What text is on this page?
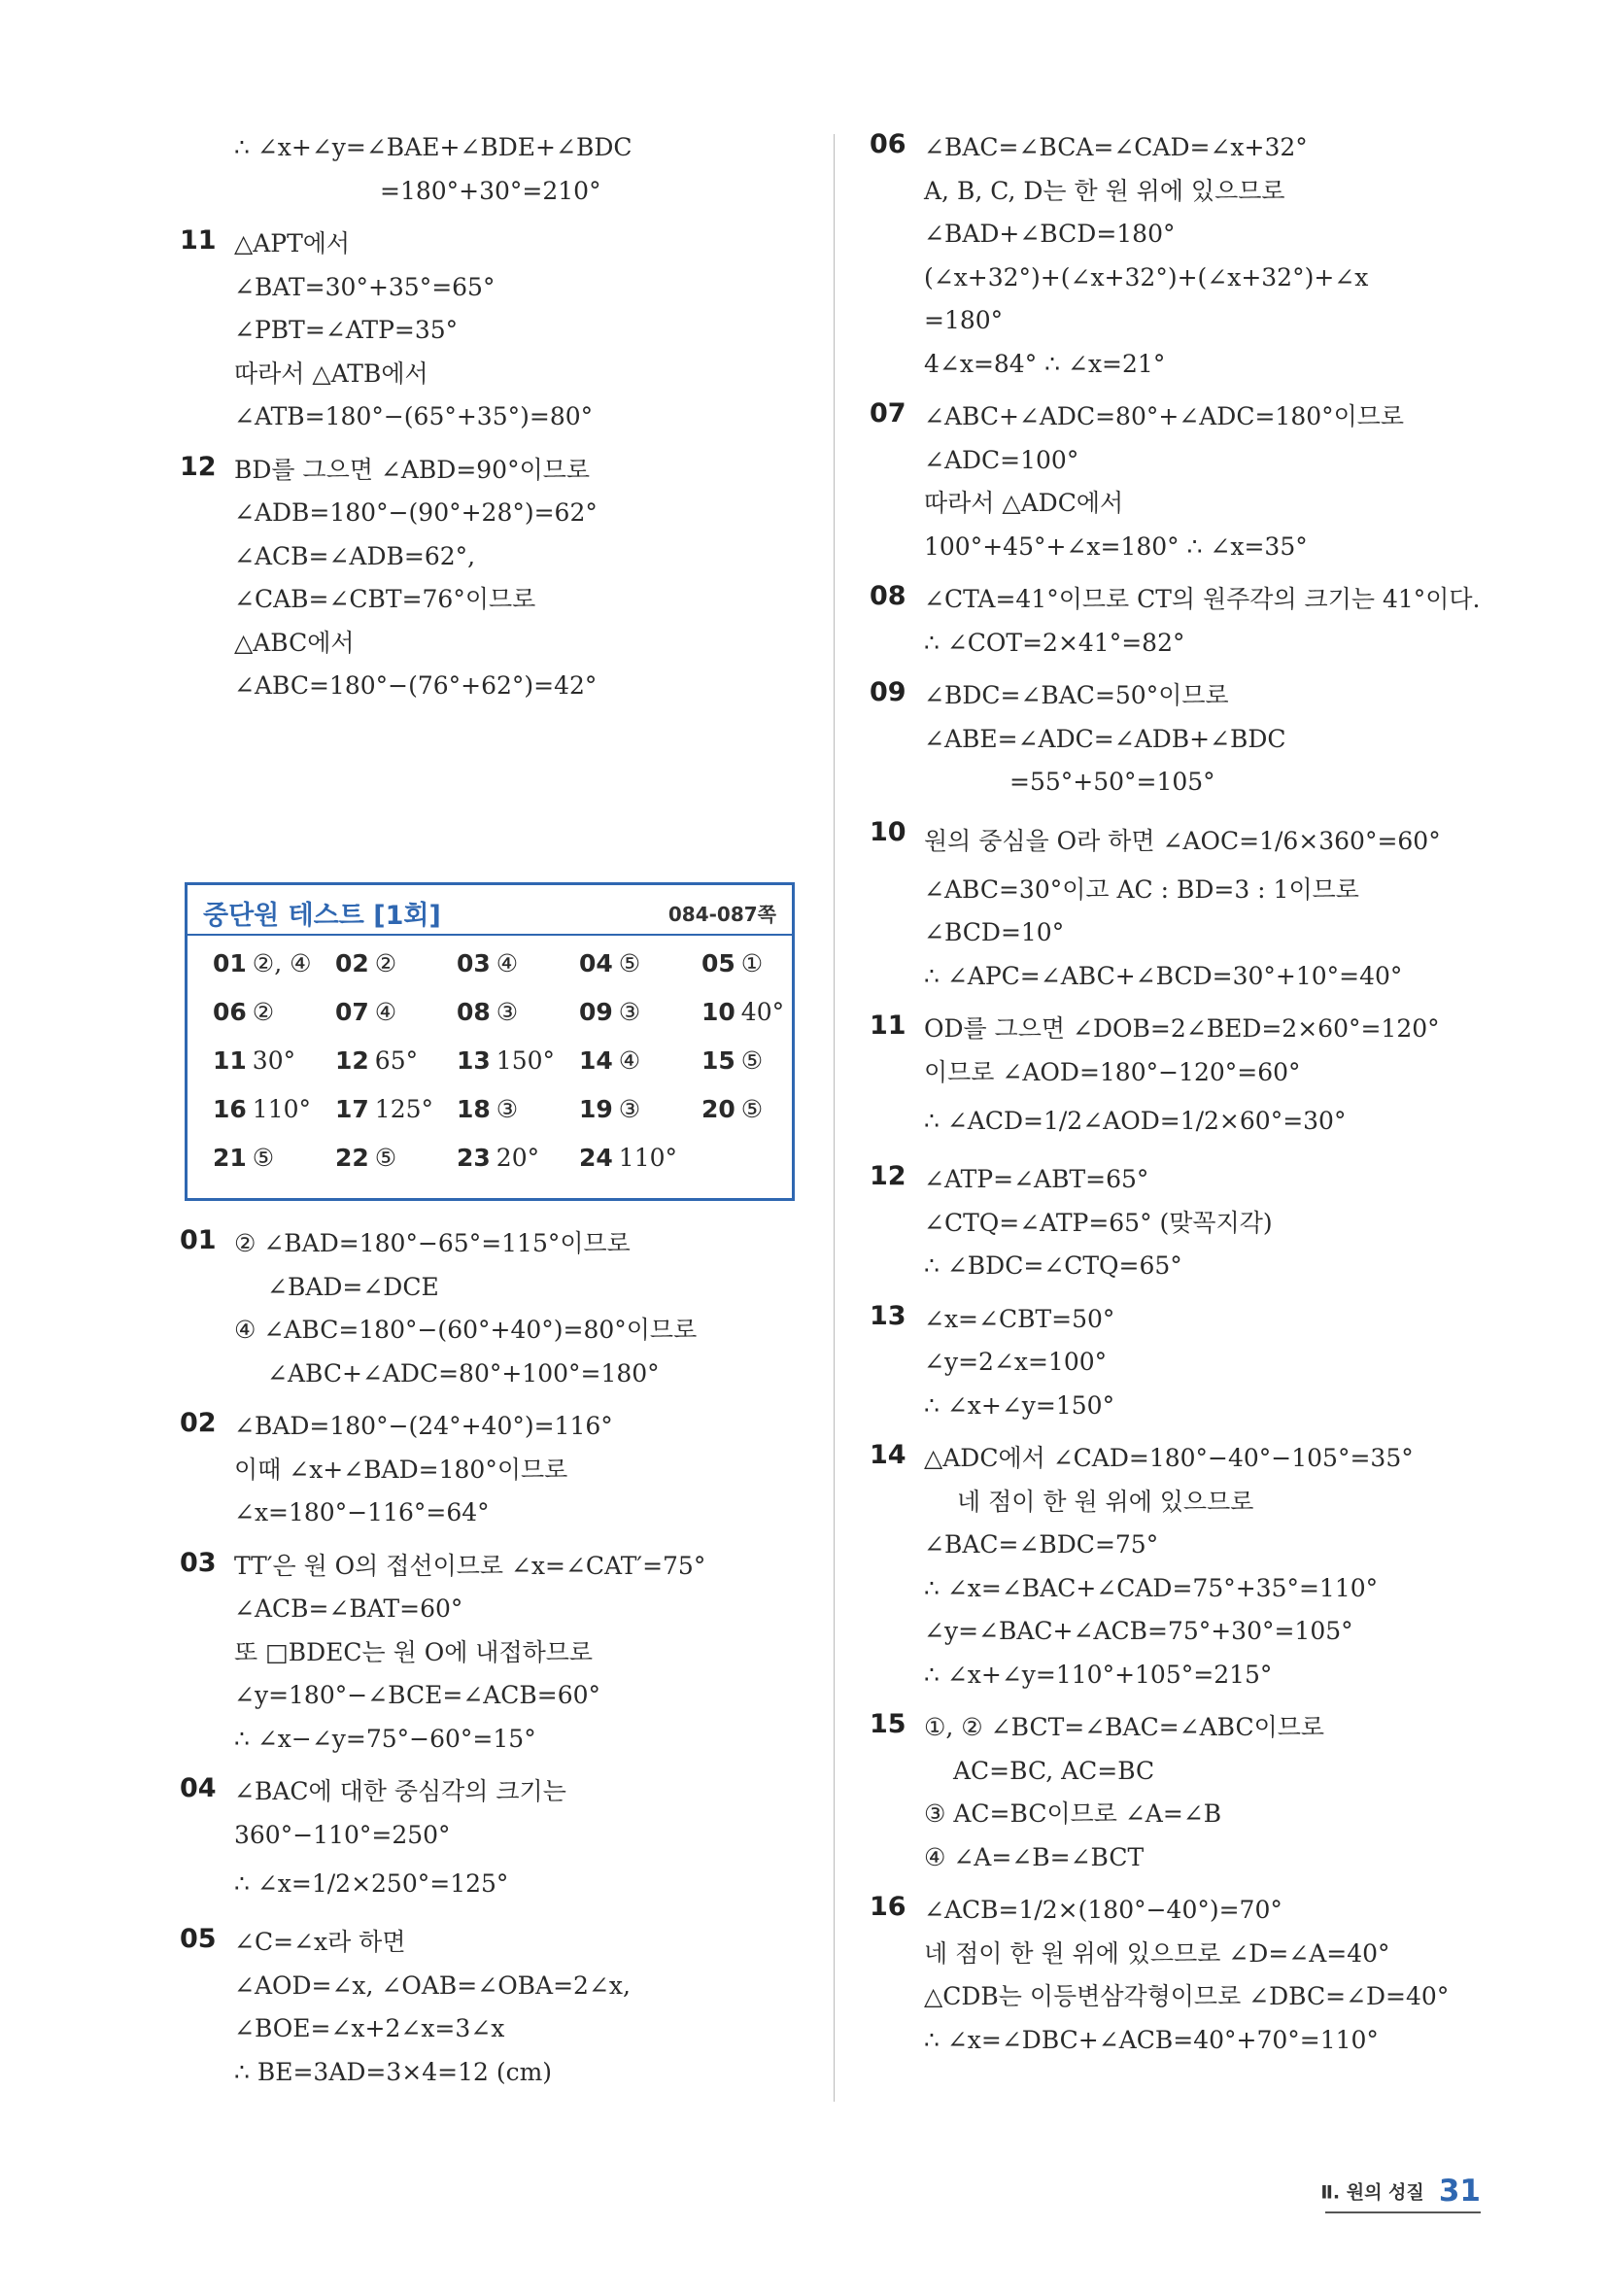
∴ ∠x+∠y=∠BAE+∠BDE+∠BDC
=180°+30°=210°
11 △APT에서
∠BAT=30°+35°=65°
∠PBT=∠ATP=35°
따라서 △ATB에서
∠ATB=180°−(65°+35°)=80°
12 BD를 그으면 ∠ABD=90°이므로
∠ADB=180°−(90°+28°)=62°
∠ACB=∠ADB=62°,
∠CAB=∠CBT=76°이므로
△ABC에서
∠ABC=180°−(76°+62°)=42°
중단원 테스트 [1회]	084-087쪽
01 ②, ④ 02 ② 03 ④	04 ⑤	05 ①
06 ②	07 ④ 08 ③	09 ③	10 40°
11 30° 12 65° 13 150° 14 ④	15 ⑤
16 110° 17 125° 18 ③	19 ③	20 ⑤
21 ⑤	22 ⑤ 23 20° 24 110°
01 ② ∠BAD=180°−65°=115°이므로
∠BAD=∠DCE
④ ∠ABC=180°−(60°+40°)=80°이므로
∠ABC+∠ADC=80°+100°=180°
02 ∠BAD=180°−(24°+40°)=116°
이때 ∠x+∠BAD=180°이므로
∠x=180°−116°=64°
03 TT′은 원 O의 접선이므로 ∠x=∠CAT′=75°
∠ACB=∠BAT=60°
또 □BDEC는 원 O에 내접하므로
∠y=180°−∠BCE=∠ACB=60°
∴ ∠x−∠y=75°−60°=15°
04 ∠BAC에 대한 중심각의 크기는
360°−110°=250°
∴ ∠x=1/2×250°=125°
05 ∠C=∠x라 하면
∠AOD=∠x, ∠OAB=∠OBA=2∠x,
∠BOE=∠x+2∠x=3∠x
∴ BE=3AD=3×4=12 (cm)
06 ∠BAC=∠BCA=∠CAD=∠x+32°
A, B, C, D는 한 원 위에 있으므로
∠BAD+∠BCD=180°
(∠x+32°)+(∠x+32°)+(∠x+32°)+∠x
=180°
4∠x=84° ∴ ∠x=21°
07 ∠ABC+∠ADC=80°+∠ADC=180°이므로
∠ADC=100°
따라서 △ADC에서
100°+45°+∠x=180° ∴ ∠x=35°
08 ∠CTA=41°이므로 CT의 원주각의 크기는 41°이다.
∴ ∠COT=2×41°=82°
09 ∠BDC=∠BAC=50°이므로
∠ABE=∠ADC=∠ADB+∠BDC
=55°+50°=105°
10 원의 중심을 O라 하면 ∠AOC=1/6×360°=60°
∠ABC=30°이고 AC : BD=3 : 1이므로
∠BCD=10°
∴ ∠APC=∠ABC+∠BCD=30°+10°=40°
11 OD를 그으면 ∠DOB=2∠BED=2×60°=120°
이므로 ∠AOD=180°−120°=60°
∴ ∠ACD=1/2∠AOD=1/2×60°=30°
12 ∠ATP=∠ABT=65°
∠CTQ=∠ATP=65° (맞꼭지각)
∴ ∠BDC=∠CTQ=65°
13 ∠x=∠CBT=50°
∠y=2∠x=100°
∴ ∠x+∠y=150°
14 △ADC에서 ∠CAD=180°−40°−105°=35°
네 점이 한 원 위에 있으므로
∠BAC=∠BDC=75°
∴ ∠x=∠BAC+∠CAD=75°+35°=110°
∠y=∠BAC+∠ACB=75°+30°=105°
∴ ∠x+∠y=110°+105°=215°
15 ①, ② ∠BCT=∠BAC=∠ABC이므로
AC=BC, AC=BC
③ AC=BC이므로 ∠A=∠B
④ ∠A=∠B=∠BCT
16 ∠ACB=1/2×(180°−40°)=70°
네 점이 한 원 위에 있으므로 ∠D=∠A=40°
△CDB는 이등변삼각형이므로 ∠DBC=∠D=40°
∴ ∠x=∠DBC+∠ACB=40°+70°=110°
Ⅱ. 원의 성질 31
